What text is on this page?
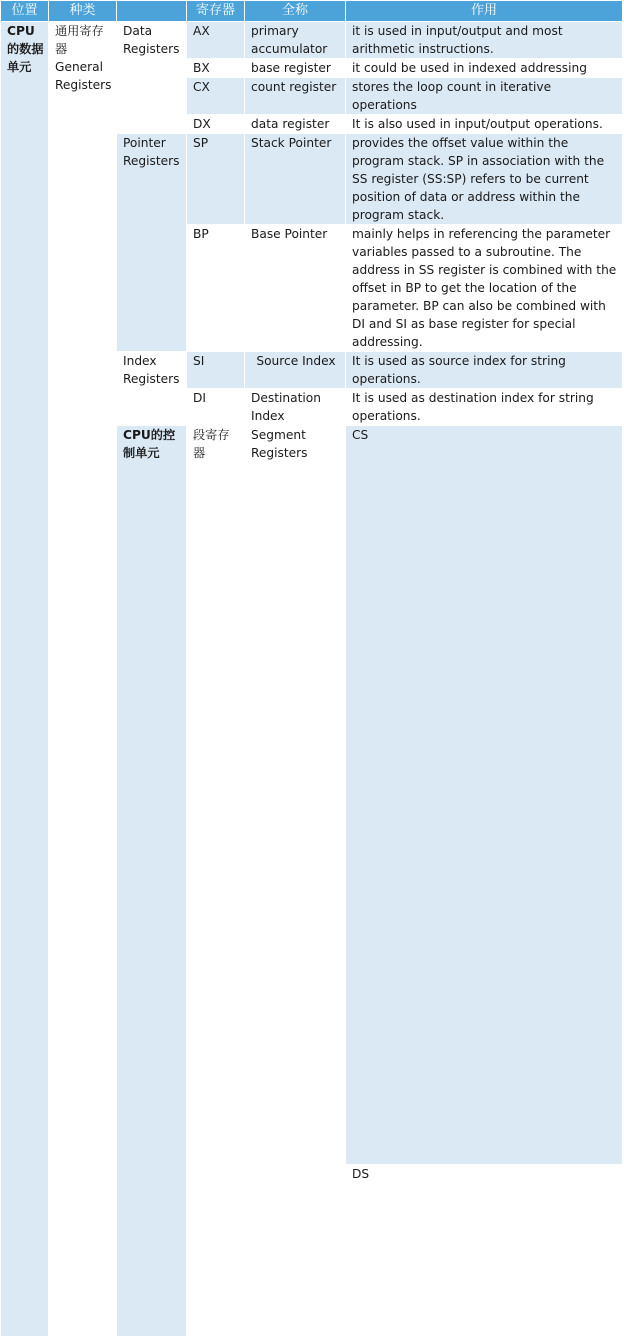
位置	种类		寄存器	全称	作用	
CPU的数据单元	通用寄存器 General Registers	Data Registers	AX	primary accumulator	it is used in input/output and most arithmetic instructions.	
			BX	base register	it could be used in indexed addressing	
			CX	count register	stores the loop count in iterative operations	
			DX	data register	It is also used in input/output operations.	
		Pointer Registers	SP	Stack Pointer	provides the offset value within the program stack. SP in association with the SS register (SS:SP) refers to be current position of data or address within the program stack.	
			BP	Base Pointer	mainly helps in referencing the parameter variables passed to a subroutine. The address in SS register is combined with the offset in BP to get the location of the parameter. BP can also be combined with DI and SI as base register for special addressing.	
		Index Registers	SI	Source Index	It is used as source index for string operations.	
			DI	Destination Index	It is used as destination index for string operations.	
		CPU的控制单元	段寄存器	Segment Registers	CS		
					DS		
